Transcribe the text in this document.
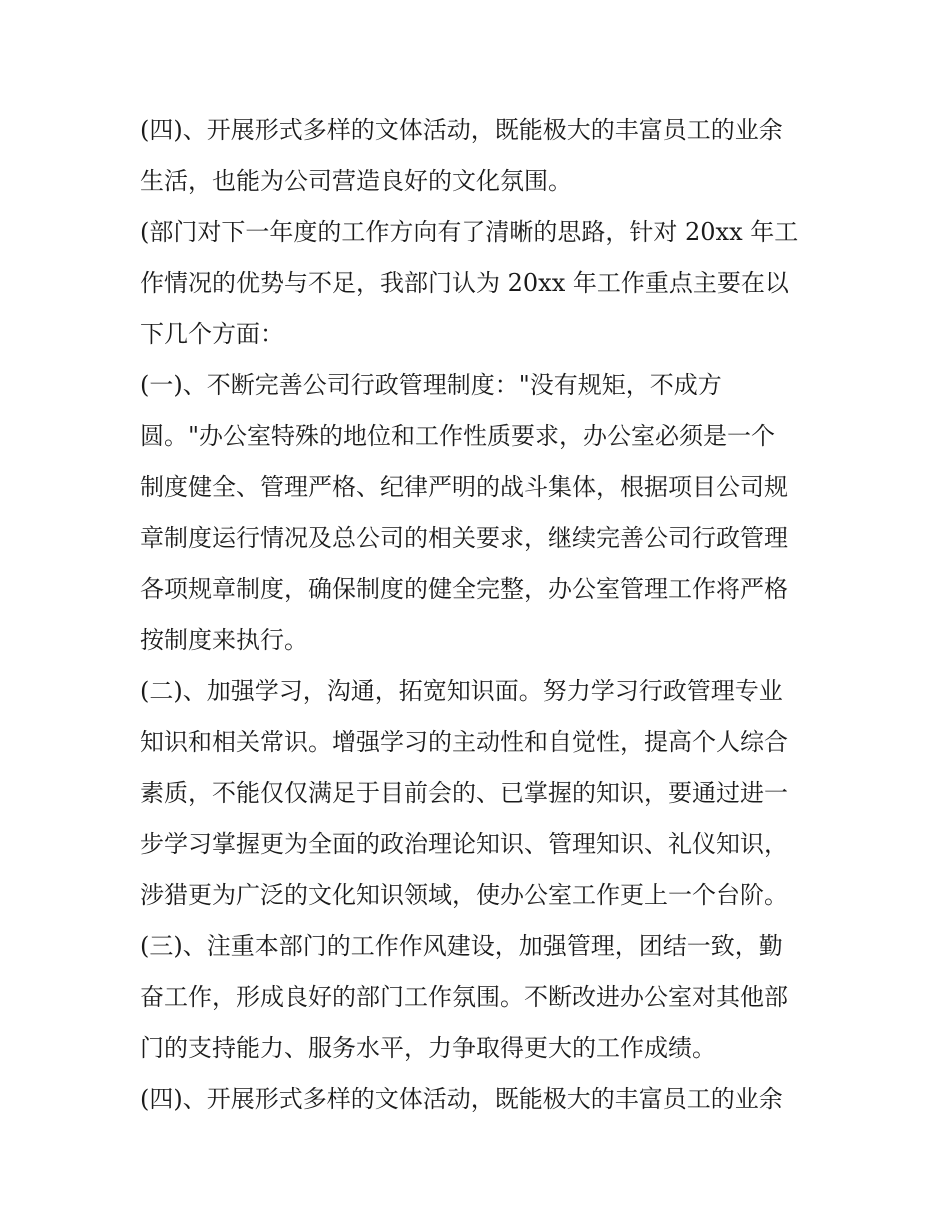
(四)、开展形式多样的文体活动，既能极大的丰富员工的业余
生活，也能为公司营造良好的文化氛围。
(部门对下一年度的工作方向有了清晰的思路，针对 20xx 年工
作情况的优势与不足，我部门认为 20xx 年工作重点主要在以
下几个方面：
(一)、不断完善公司行政管理制度："没有规矩，不成方
圆。"办公室特殊的地位和工作性质要求，办公室必须是一个
制度健全、管理严格、纪律严明的战斗集体，根据项目公司规
章制度运行情况及总公司的相关要求，继续完善公司行政管理
各项规章制度，确保制度的健全完整，办公室管理工作将严格
按制度来执行。
(二)、加强学习，沟通，拓宽知识面。努力学习行政管理专业
知识和相关常识。增强学习的主动性和自觉性，提高个人综合
素质，不能仅仅满足于目前会的、已掌握的知识，要通过进一
步学习掌握更为全面的政治理论知识、管理知识、礼仪知识，
涉猎更为广泛的文化知识领域，使办公室工作更上一个台阶。
(三)、注重本部门的工作作风建设，加强管理，团结一致，勤
奋工作，形成良好的部门工作氛围。不断改进办公室对其他部
门的支持能力、服务水平，力争取得更大的工作成绩。
(四)、开展形式多样的文体活动，既能极大的丰富员工的业余
